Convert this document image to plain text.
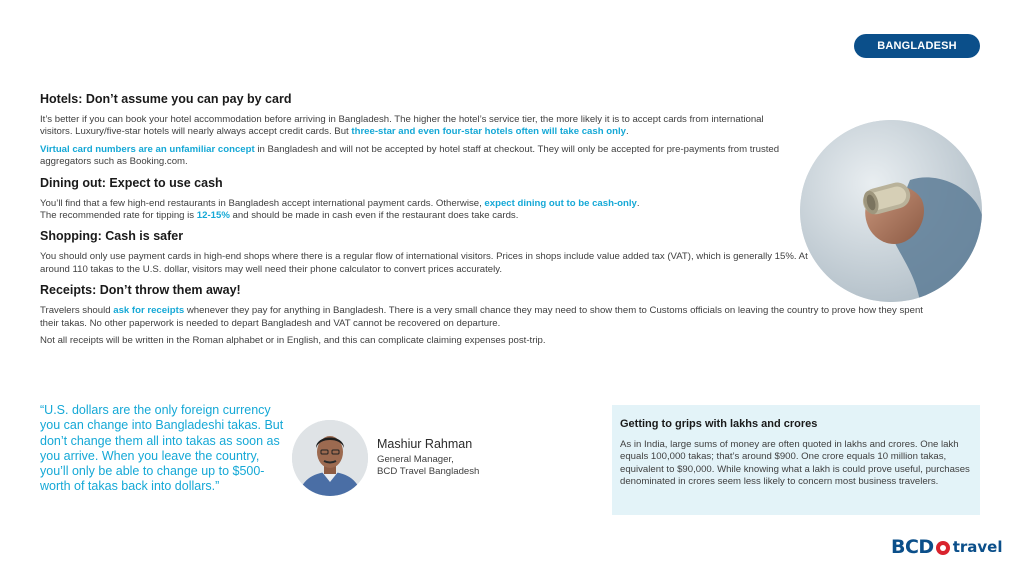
BANGLADESH
Hotels: Don’t assume you can pay by card

It’s better if you can book your hotel accommodation before arriving in Bangladesh. The higher the hotel’s service tier, the more likely it is to accept cards from international visitors. Luxury/five-star hotels will nearly always accept credit cards. But three-star and even four-star hotels often will take cash only.

Virtual card numbers are an unfamiliar concept in Bangladesh and will not be accepted by hotel staff at checkout. They will only be accepted for pre-payments from trusted aggregators such as Booking.com.

Dining out: Expect to use cash

You’ll find that a few high-end restaurants in Bangladesh accept international payment cards. Otherwise, expect dining out to be cash-only.

The recommended rate for tipping is 12-15% and should be made in cash even if the restaurant does take cards.

Shopping: Cash is safer

You should only use payment cards in high-end shops where there is a regular flow of international visitors. Prices in shops include value added tax (VAT), which is generally 15%. At around 110 takas to the U.S. dollar, visitors may well need their phone calculator to convert prices accurately.

Receipts: Don’t throw them away!

Travelers should ask for receipts whenever they pay for anything in Bangladesh. There is a very small chance they may need to show them to Customs officials on leaving the country to prove how they spent their takas. No other paperwork is needed to depart Bangladesh and VAT cannot be recovered on departure.

Not all receipts will be written in the Roman alphabet or in English, and this can complicate claiming expenses post-trip.

“U.S. dollars are the only foreign currency you can change into Bangladeshi takas. But don’t change them all into takas as soon as you arrive. When you leave the country, you’ll only be able to change up to $500-worth of takas back into dollars.”

Mashiur Rahman
General Manager,
BCD Travel Bangladesh
Getting to grips with lakhs and crores

As in India, large sums of money are often quoted in lakhs and crores. One lakh equals 100,000 takas; that’s around $900. One crore equals 10 million takas, equivalent to $90,000. While knowing what a lakh is could prove useful, purchases denominated in crores seem less likely to concern most business travelers.

BCD travel
